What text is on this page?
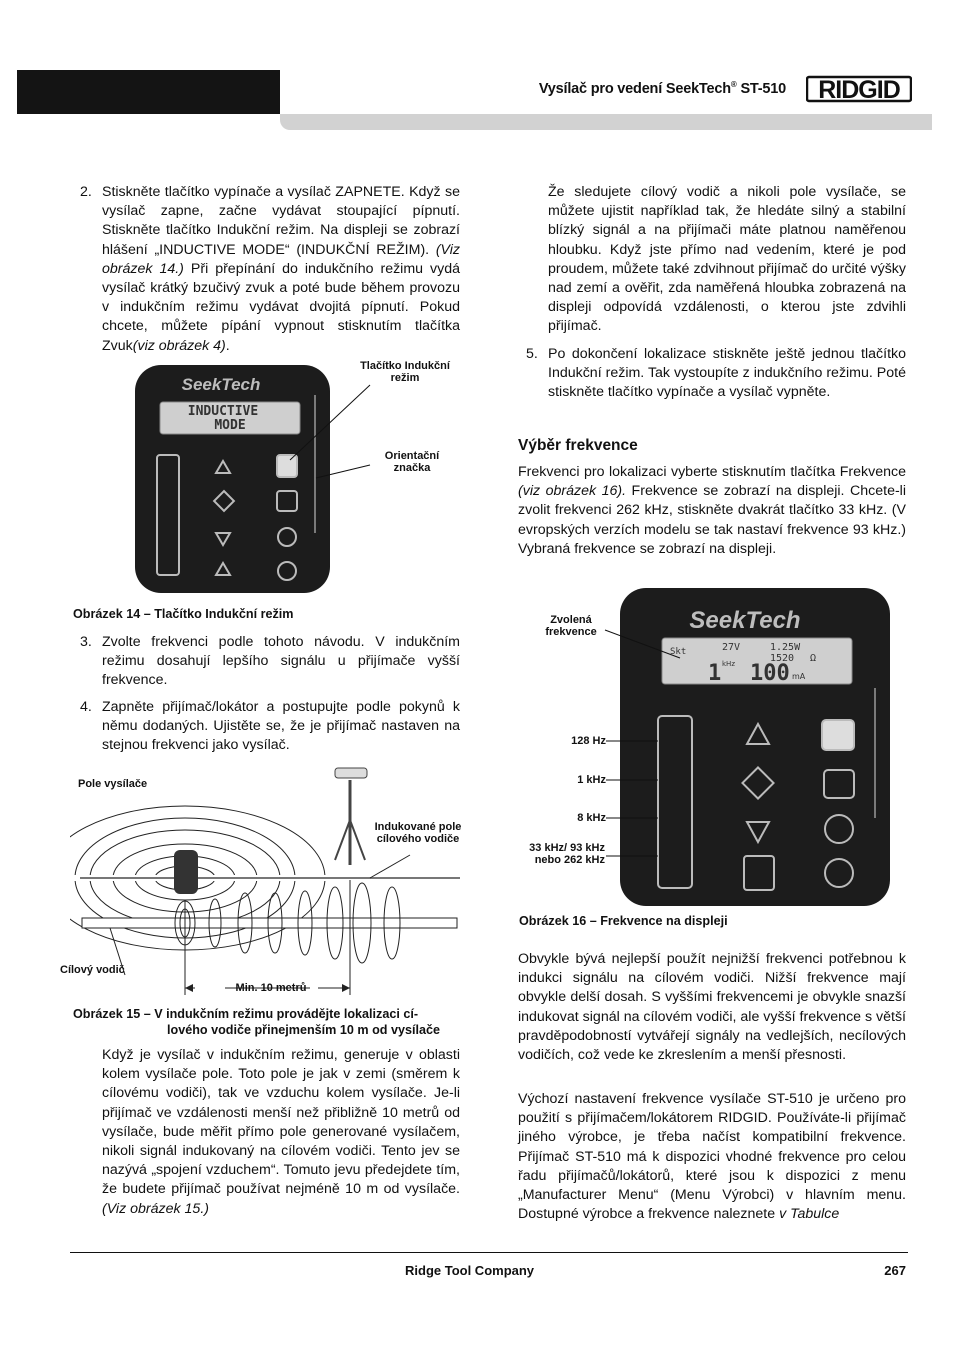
Vysílač pro vedení SeekTech® ST-510 RIDGID
2. Stiskněte tlačítko vypínače a vysílač ZAPNETE. Když se vysílač zapne, začne vydávat stoupající pípnutí. Stiskněte tlačítko Indukční režim. Na displeji se zobrazí hlášení „INDUCTIVE MODE“ (INDUKČNÍ REŽIM). (Viz obrázek 14.) Při přepínání do indukčního režimu vydá vysílač krátký bzučivý zvuk a poté bude během provozu v indukčním režimu vydávat dvojitá pípnutí. Pokud chcete, můžete pípání vypnout stisknutím tlačítka Zvuk(viz obrázek 4).
SeekTech
INDUCTIVE
MODE
Tlačítko Indukční režim
Orientační značka
Obrázek 14 – Tlačítko Indukční režim
3. Zvolte frekvenci podle tohoto návodu. V indukčním režimu dosahují lepšího signálu u přijímače vyšší frekvence.
4. Zapněte přijímač/lokátor a postupujte podle pokynů k němu dodaných. Ujistěte se, že je přijímač nastaven na stejnou frekvenci jako vysílač.
Pole vysílače
Indukované pole cílového vodiče
Cílový vodič
Min. 10 metrů
Obrázek 15 – V indukčním režimu provádějte lokalizaci cí-
lového vodiče přinejmenším 10 m od vysílače
Když je vysílač v indukčním režimu, generuje v oblasti kolem vysílače pole. Toto pole je jak v zemi (směrem k cílovému vodiči), tak ve vzduchu kolem vysílače. Je-li přijímač ve vzdálenosti menší než přibližně 10 metrů od vysílače, bude měřit přímo pole generované vysílačem, nikoli signál indukovaný na cílovém vodiči. Tento jev se nazývá „spojení vzduchem“. Tomuto jevu předejdete tím, že budete přijímač používat nejméně 10 m od vysílače.(Viz obrázek 15.)
Že sledujete cílový vodič a nikoli pole vysílače, se můžete ujistit například tak, že hledáte silný a stabilní blízký signál a na přijímači máte platnou naměřenou hloubku. Když jste přímo nad vedením, které je pod proudem, můžete také zdvihnout přijímač do určité výšky nad zemí a ověřit, zda naměřená hloubka zobrazená na displeji odpovídá vzdálenosti, o kterou jste zdvihli přijímač.
5. Po dokončení lokalizace stiskněte ještě jednou tlačítko Indukční režim. Tak vystoupíte z indukčního režimu. Poté stiskněte tlačítko vypínače a vysílač vypněte.
Výběr frekvence
Frekvenci pro lokalizaci vyberte stisknutím tlačítka Frekvence (viz obrázek 16). Frekvence se zobrazí na displeji. Chcete-li zvolit frekvenci 262 kHz, stiskněte dvakrát tlačítko 33 kHz. (V evropských verzích modelu se tak nastaví frekvence 93 kHz.) Vybraná frekvence se zobrazí na displeji.
SeekTech
Skt	27V	1.25W
1520 Ω
1 kHz 100 mA
Zvolená frekvence
128 Hz
1 kHz
8 kHz
33 kHz/ 93 kHz nebo 262 kHz
Obrázek 16 – Frekvence na displeji
Obvykle bývá nejlepší použít nejnižší frekvenci potřebnou k indukci signálu na cílovém vodiči. Nižší frekvence mají obvykle delší dosah. S vyššími frekvencemi je obvykle snazší indukovat signál na cílovém vodiči, ale vyšší frekvence s větší pravděpodobností vytvářejí signály na vedlejších, necílových vodičích, což vede ke zkreslením a menší přesnosti.
Výchozí nastavení frekvence vysílače ST-510 je určeno pro použití s přijímačem/lokátorem RIDGID. Používáte-li přijímač jiného výrobce, je třeba načíst kompatibilní frekvence. Přijímač ST-510 má k dispozici vhodné frekvence pro celou řadu přijímačů/lokátorů, které jsou k dispozici z menu „Manufacturer Menu“ (Menu Výrobci) v hlavním menu. Dostupné výrobce a frekvence naleznete v Tabulce
Ridge Tool Company	267
